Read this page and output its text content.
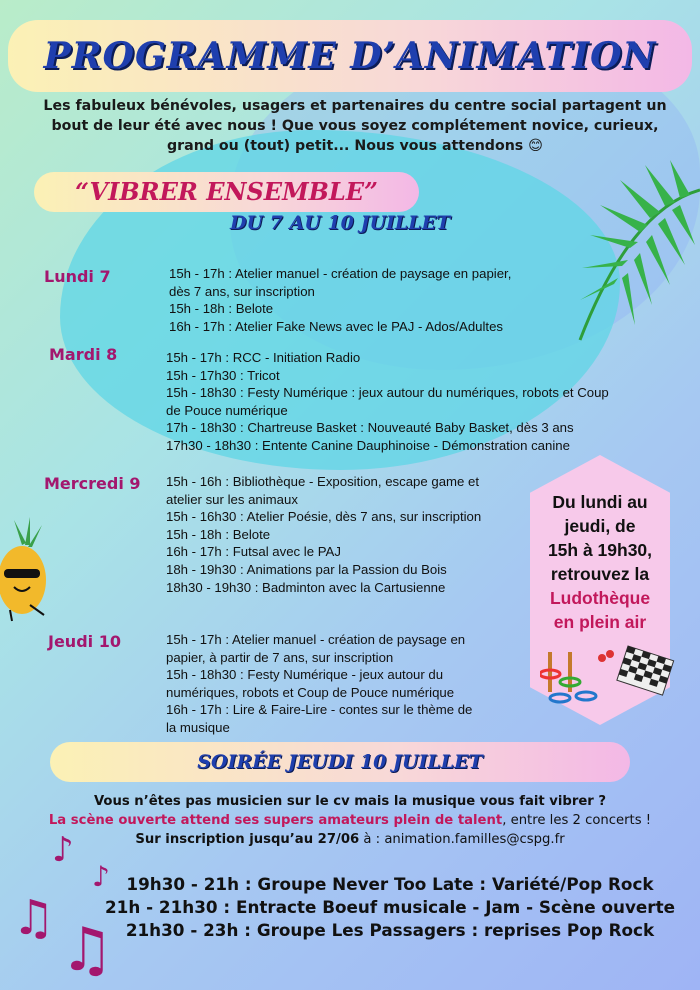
PROGRAMME D’ANIMATION
Les fabuleux bénévoles, usagers et partenaires du centre social partagent un
bout de leur été avec nous ! Que vous soyez complétement novice, curieux,
grand ou (tout) petit... Nous vous attendons 😊
“VIBRER ENSEMBLE”
DU 7 AU 10 JUILLET
Lundi 7	15h - 17h : Atelier manuel - création de paysage en papier,
dès 7 ans, sur inscription
15h - 18h : Belote
16h - 17h : Atelier Fake News avec le PAJ - Ados/Adultes
Mardi 8	15h - 17h : RCC - Initiation Radio
15h - 17h30 : Tricot
15h - 18h30 : Festy Numérique : jeux autour du numériques, robots et Coup
de Pouce numérique
17h - 18h30 : Chartreuse Basket : Nouveauté Baby Basket, dès 3 ans
17h30 - 18h30 : Entente Canine Dauphinoise - Démonstration canine
Mercredi 9 15h - 16h : Bibliothèque - Exposition, escape game et
atelier sur les animaux
15h - 16h30 : Atelier Poésie, dès 7 ans, sur inscription
15h - 18h : Belote
16h - 17h : Futsal avec le PAJ
18h - 19h30 : Animations par la Passion du Bois
18h30 - 19h30 : Badminton avec la Cartusienne
Jeudi 10	15h - 17h : Atelier manuel - création de paysage en
papier, à partir de 7 ans, sur inscription
15h - 18h30 : Festy Numérique - jeux autour du
numériques, robots et Coup de Pouce numérique
16h - 17h : Lire & Faire-Lire - contes sur le thème de
la musique
Du lundi au
jeudi, de
15h à 19h30,
retrouvez la
Ludothèque
en plein air
SOIRÉE JEUDI 10 JUILLET
Vous n’êtes pas musicien sur le cv mais la musique vous fait vibrer ?
La scène ouverte attend ses supers amateurs plein de talent, entre les 2 concerts !
Sur inscription jusqu’au 27/06 à : animation.familles@cspg.fr
19h30 - 21h : Groupe Never Too Late : Variété/Pop Rock
21h - 21h30 : Entracte Boeuf musicale - Jam - Scène ouverte
21h30 - 23h : Groupe Les Passagers : reprises Pop Rock
♪
♪
♫ ♫
